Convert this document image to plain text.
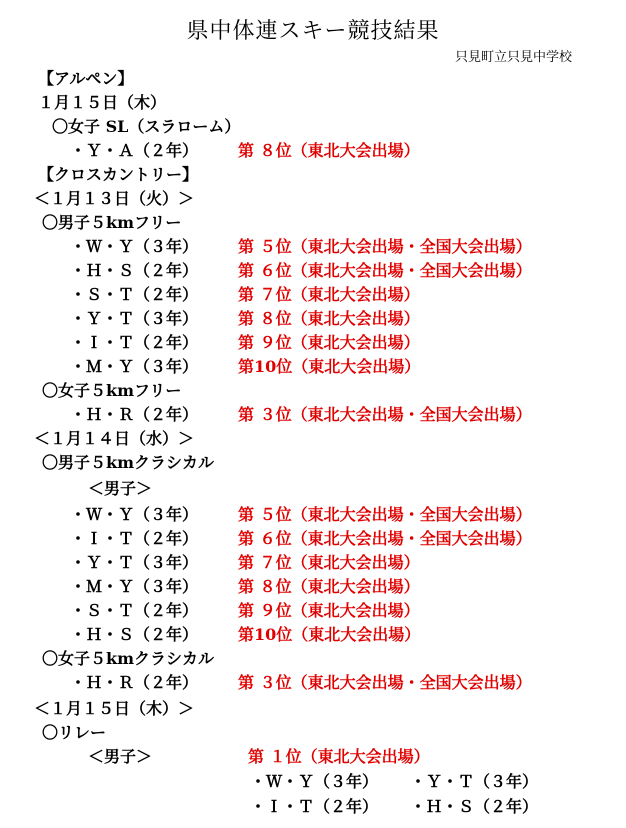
県中体連スキー競技結果
只見町立只見中学校
【アルペン】
１月１５日（木）
〇女子 SL（スラローム）
・Ｙ・Ａ（２年） 第 ８位（東北大会出場）
【クロスカントリー】
＜１月１３日（火）＞
〇男子５kmフリー
・Ｗ・Ｙ（３年） 第 ５位（東北大会出場・全国大会出場）
・Ｈ・Ｓ（２年） 第 ６位（東北大会出場・全国大会出場）
・Ｓ・Ｔ（２年） 第 ７位（東北大会出場）
・Ｙ・Ｔ（３年） 第 ８位（東北大会出場）
・Ｉ・Ｔ（２年） 第 ９位（東北大会出場）
・Ｍ・Ｙ（３年） 第10位（東北大会出場）
〇女子５kmフリー
・Ｈ・Ｒ（２年） 第 ３位（東北大会出場・全国大会出場）
＜１月１４日（水）＞
〇男子５kmクラシカル
＜男子＞
・Ｗ・Ｙ（３年） 第 ５位（東北大会出場・全国大会出場）
・Ｉ・Ｔ（２年） 第 ６位（東北大会出場・全国大会出場）
・Ｙ・Ｔ（３年） 第 ７位（東北大会出場）
・Ｍ・Ｙ（３年） 第 ８位（東北大会出場）
・Ｓ・Ｔ（２年） 第 ９位（東北大会出場）
・Ｈ・Ｓ（２年） 第10位（東北大会出場）
〇女子５kmクラシカル
・Ｈ・Ｒ（２年） 第 ３位（東北大会出場・全国大会出場）
＜１月１５日（木）＞
〇リレー
＜男子＞	第 １位（東北大会出場）
・Ｗ・Ｙ（３年） ・Ｙ・Ｔ（３年）
・Ｉ・Ｔ（２年） ・Ｈ・Ｓ（２年）
